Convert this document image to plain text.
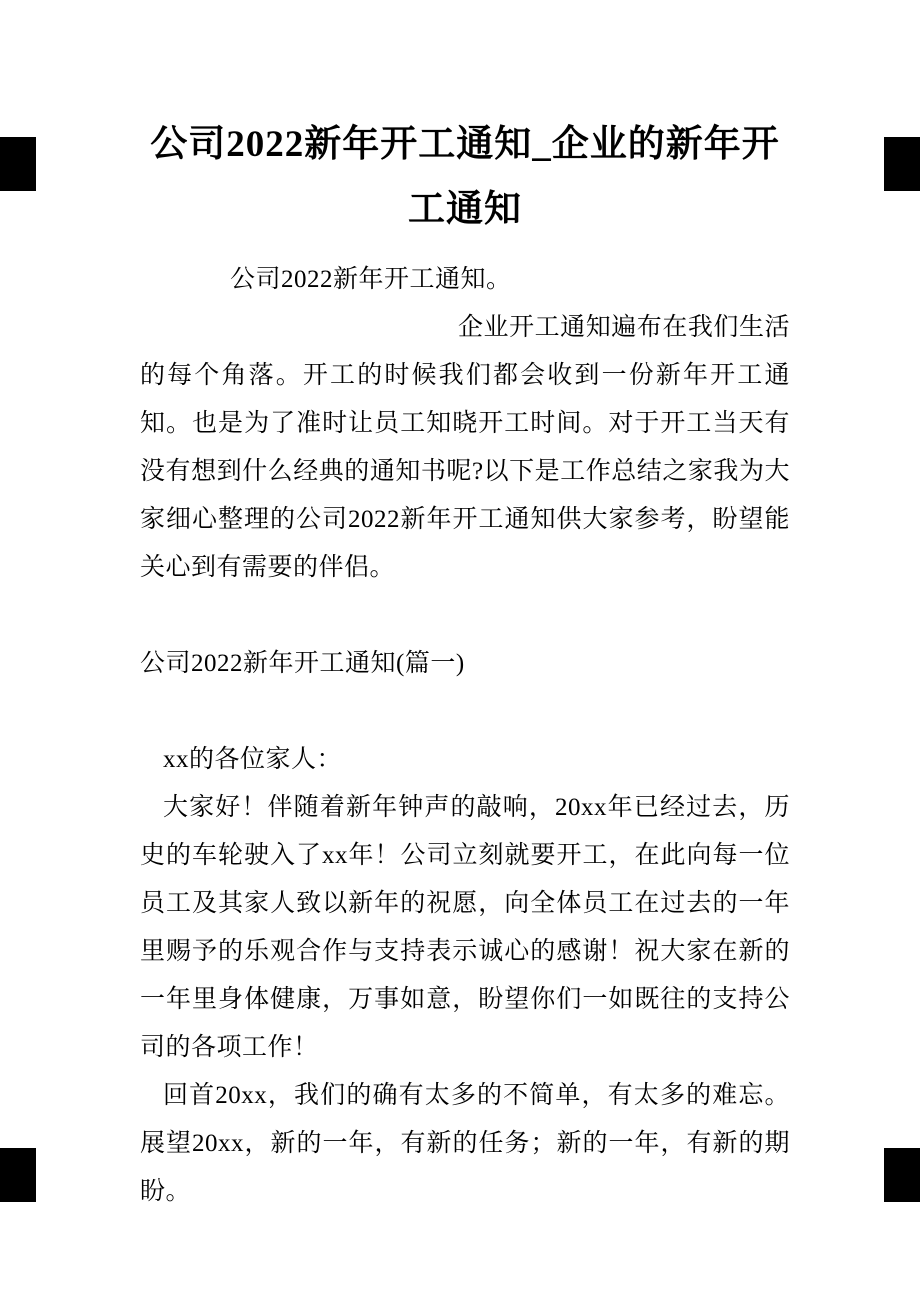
公司2022新年开工通知_企业的新年开工通知

公司2022新年开工通知。

企业开工通知遍布在我们生活的每个角落。开工的时候我们都会收到一份新年开工通知。也是为了准时让员工知晓开工时间。对于开工当天有没有想到什么经典的通知书呢?以下是工作总结之家我为大家细心整理的公司2022新年开工通知供大家参考，盼望能关心到有需要的伴侣。

公司2022新年开工通知(篇一)

xx的各位家人：

大家好！伴随着新年钟声的敲响，20xx年已经过去，历史的车轮驶入了xx年！公司立刻就要开工，在此向每一位员工及其家人致以新年的祝愿，向全体员工在过去的一年里赐予的乐观合作与支持表示诚心的感谢！祝大家在新的一年里身体健康，万事如意，盼望你们一如既往的支持公司的各项工作！

回首20xx，我们的确有太多的不简单，有太多的难忘。展望20xx，新的一年，有新的任务；新的一年，有新的期盼。
